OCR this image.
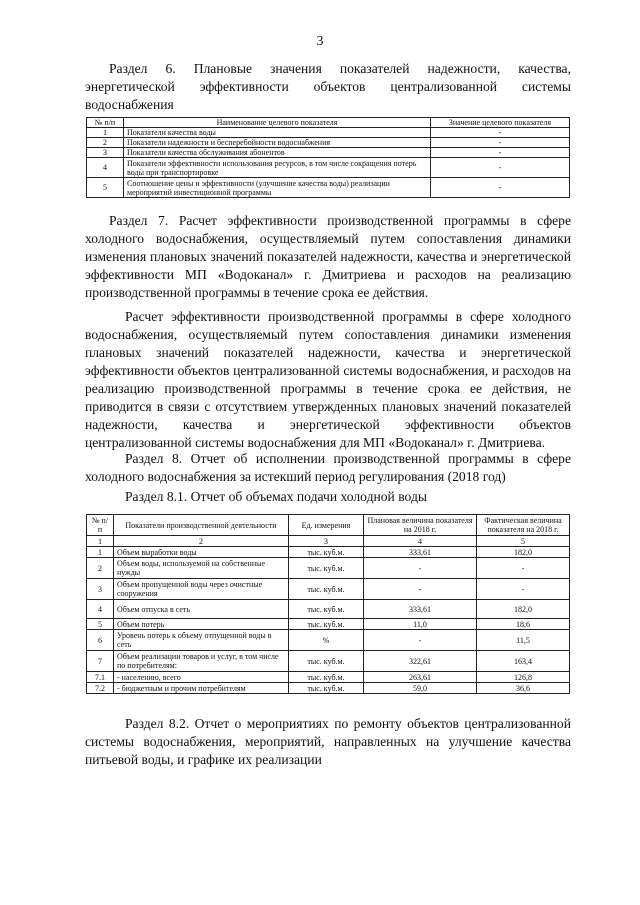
3
Раздел 6. Плановые значения показателей надежности, качества, энергетической эффективности объектов централизованной системы водоснабжения
№ п/п	Наименование целевого показателя	Значение целевого показателя
1	Показатели качества воды	-
2	Показатели надежности и бесперебойности водоснабжения	-
3	Показатели качества обслуживания абонентов	-
4	Показатели эффективности использования ресурсов, в том числе сокращения потерь воды при транспортировке	-
5	Соотношение цены и эффективности (улучшение качества воды) реализации мероприятий инвестиционной программы	-
Раздел 7. Расчет эффективности производственной программы в сфере холодного водоснабжения, осуществляемый путем сопоставления динамики изменения плановых значений показателей надежности, качества и энергетической эффективности МП «Водоканал» г. Дмитриева и расходов на реализацию производственной программы в течение срока ее действия.
Расчет эффективности производственной программы в сфере холодного водоснабжения, осуществляемый путем сопоставления динамики изменения плановых значений показателей надежности, качества и энергетической эффективности объектов централизованной системы водоснабжения, и расходов на реализацию производственной программы в течение срока ее действия, не приводится в связи с отсутствием утвержденных плановых значений показателей надежности, качества и энергетической эффективности объектов централизованной системы водоснабжения для МП «Водоканал» г. Дмитриева.
Раздел 8. Отчет об исполнении производственной программы в сфере холодного водоснабжения за истекший период регулирования (2018 год)
Раздел 8.1. Отчет об объемах подачи холодной воды
№ п/п	Показатели производственной деятельности	Ед. измерения	Плановая величина показателя на 2018 г.	Фактическая величина показателя на 2018 г.
1	2	3	4	5
1	Объем выработки воды	тыс. куб.м.	333,61	182,0
2	Объем воды, используемой на собственные нужды	тыс. куб.м.	-	-
3	Объем пропущенной воды через очистные сооружения	тыс. куб.м.	-	-
4	Объем отпуска в сеть	тыс. куб.м.	333,61	182,0
5	Объем потерь	тыс. куб.м.	11,0	18,6
6	Уровень потерь к объему отпущенной воды в сеть	%	-	11,5
7	Объем реализации товаров и услуг, в том числе по потребителям:	тыс. куб.м.	322,61	163,4
7.1	- населению, всего	тыс. куб.м.	263,61	126,8
7.2	- бюджетным и прочим потребителям	тыс. куб.м.	59,0	36,6
Раздел 8.2. Отчет о мероприятиях по ремонту объектов централизованной системы водоснабжения, мероприятий, направленных на улучшение качества питьевой воды, и графике их реализации
